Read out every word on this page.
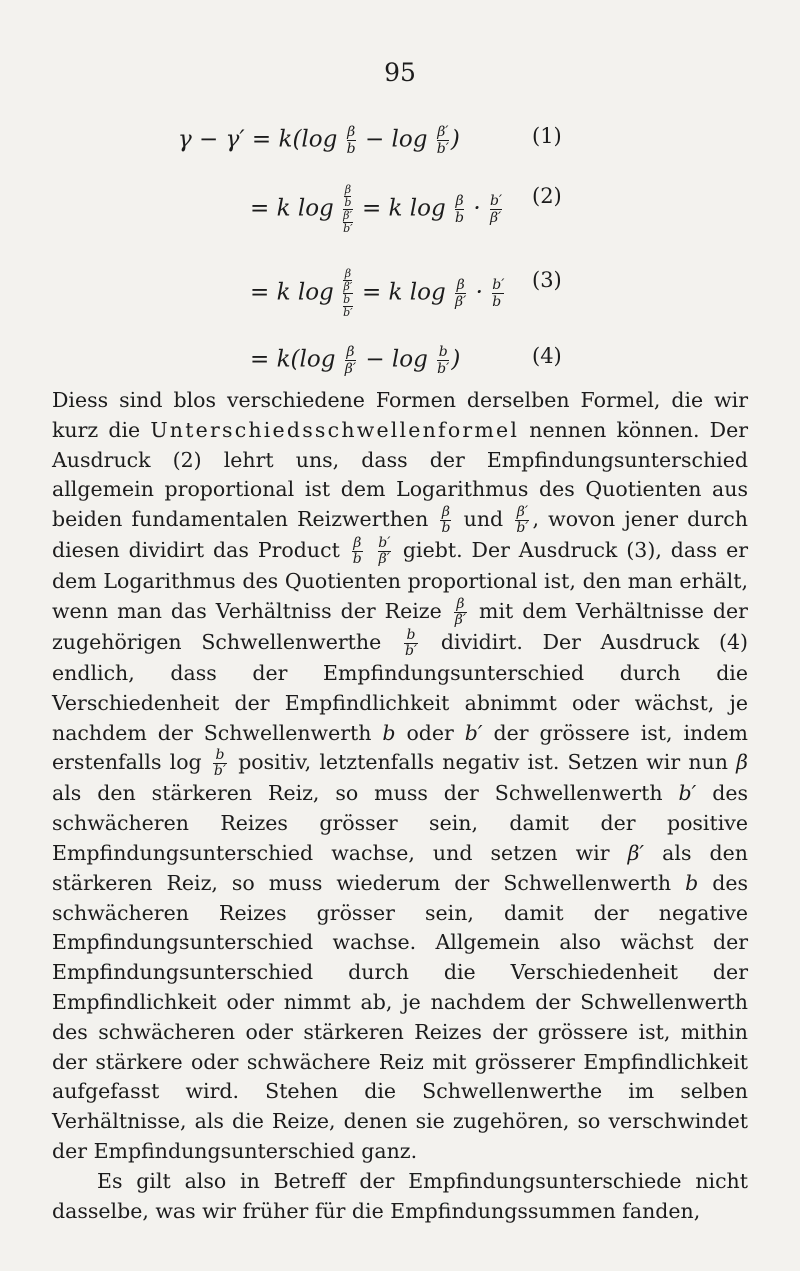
95
$\gamma - \gamma' = k(\log \frac{\beta}{b} - \log \frac{\beta'}{b'}$ )	(1)
= k log
β
b
β′
b′
= k $\log \frac{\beta}{b} \cdot \frac{b'}{\beta'} (2)$
= k log
β
β′
b
b′
= k $\log \frac{\beta}{\beta'} \cdot \frac{b'}{b} (3)$
= $k(\log \frac{\beta}{\beta'} - \log \frac{b}{b'}$ )	(4)

Diess sind blos verschiedene Formen derselben Formel, die wir kurz die Unterschiedsschwellenformel nennen können. Der Ausdruck (2) lehrt uns, dass der Empfindungsunterschied allgemein proportional ist dem Logarithmus des Quotienten aus beiden fundamentalen Reizwerthen $\frac{\beta}{b}$ und $\frac{\beta'}{b'}$ , wovon jener durch diesen dividirt das Product $\frac{\beta}{b}$
$\frac{b'}{\beta'}$ giebt. Der Ausdruck (3), dass er dem Logarithmus des Quotienten proportional ist, den man erhält, wenn man das Verhältniss der Reize $\frac{\beta}{\beta'}$ mit dem Verhältnisse der zugehörigen Schwellenwerthe $\frac{b}{b'}$ dividirt. Der Ausdruck (4) endlich, dass der Empfindungsunterschied durch die Verschiedenheit der Empfindlichkeit abnimmt oder wächst, je nachdem der Schwellenwerth b oder b′ der grössere ist, indem erstenfalls $\log \frac{b}{b'}$ positiv, letztenfalls negativ ist. Setzen wir nun β als den stärkeren Reiz, so muss der Schwellenwerth b′ des schwächeren Reizes grösser sein, damit der positive Empfindungsunterschied wachse, und setzen wir β′ als den stärkeren Reiz, so muss wiederum der Schwellenwerth b des schwächeren Reizes grösser sein, damit der negative Empfindungsunterschied wachse. Allgemein also wächst der Empfindungsunterschied durch die Verschiedenheit der Empfindlichkeit oder nimmt ab, je nachdem der Schwellenwerth des schwächeren oder stärkeren Reizes der grössere ist, mithin der stärkere oder schwächere Reiz mit grösserer Empfindlichkeit aufgefasst wird. Stehen die Schwellenwerthe im selben Verhältnisse, als die Reize, denen sie zugehören, so verschwindet der Empfindungsunterschied ganz.

Es gilt also in Betreff der Empfindungsunterschiede nicht dasselbe, was wir früher für die Empfindungssummen fanden,
